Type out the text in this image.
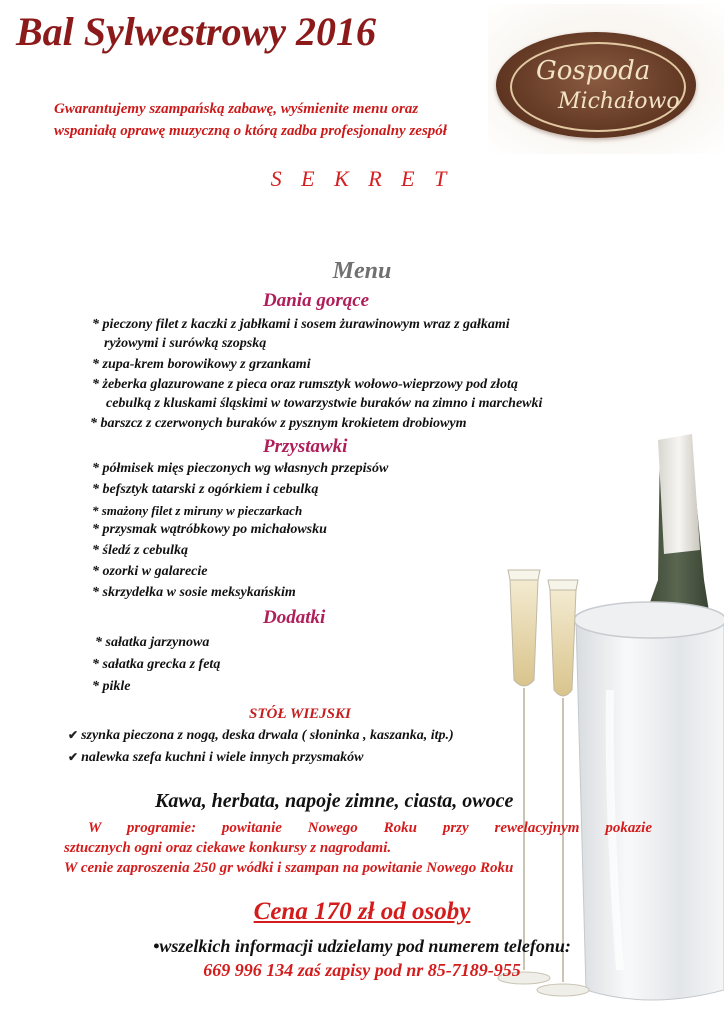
Bal Sylwestrowy 2016
Gospoda
Michałowo
Gwarantujemy szampańską zabawę, wyśmienite menu oraz
wspaniałą oprawę muzyczną o którą zadba profesjonalny zespół
S E K R E T
Menu
Dania gorące
* pieczony filet z kaczki z jabłkami i sosem żurawinowym wraz z gałkami
ryżowymi i surówką szopską
* zupa-krem borowikowy z grzankami
* żeberka glazurowane z pieca oraz rumsztyk wołowo-wieprzowy pod złotą
cebulką z kluskami śląskimi w towarzystwie buraków na zimno i marchewki
* barszcz z czerwonych buraków z pysznym krokietem drobiowym
Przystawki
* półmisek mięs pieczonych wg własnych przepisów
* befsztyk tatarski z ogórkiem i cebulką
* smażony filet z miruny w pieczarkach
* przysmak wątróbkowy po michałowsku
* śledź z cebulką
* ozorki w galarecie
* skrzydełka w sosie meksykańskim
Dodatki
* sałatka jarzynowa
* sałatka grecka z fetą
* pikle
STÓŁ WIEJSKI
✔ szynka pieczona z nogą, deska drwala ( słoninka , kaszanka, itp.)
✔ nalewka szefa kuchni i wiele innych przysmaków
Kawa, herbata, napoje zimne, ciasta, owoce
W programie: powitanie Nowego Roku przy rewelacyjnym pokazie
sztucznych ogni oraz ciekawe konkursy z nagrodami.
W cenie zaproszenia 250 gr wódki i szampan na powitanie Nowego Roku
Cena 170 zł od osoby
•wszelkich informacji udzielamy pod numerem telefonu:
669 996 134 zaś zapisy pod nr 85-7189-955
